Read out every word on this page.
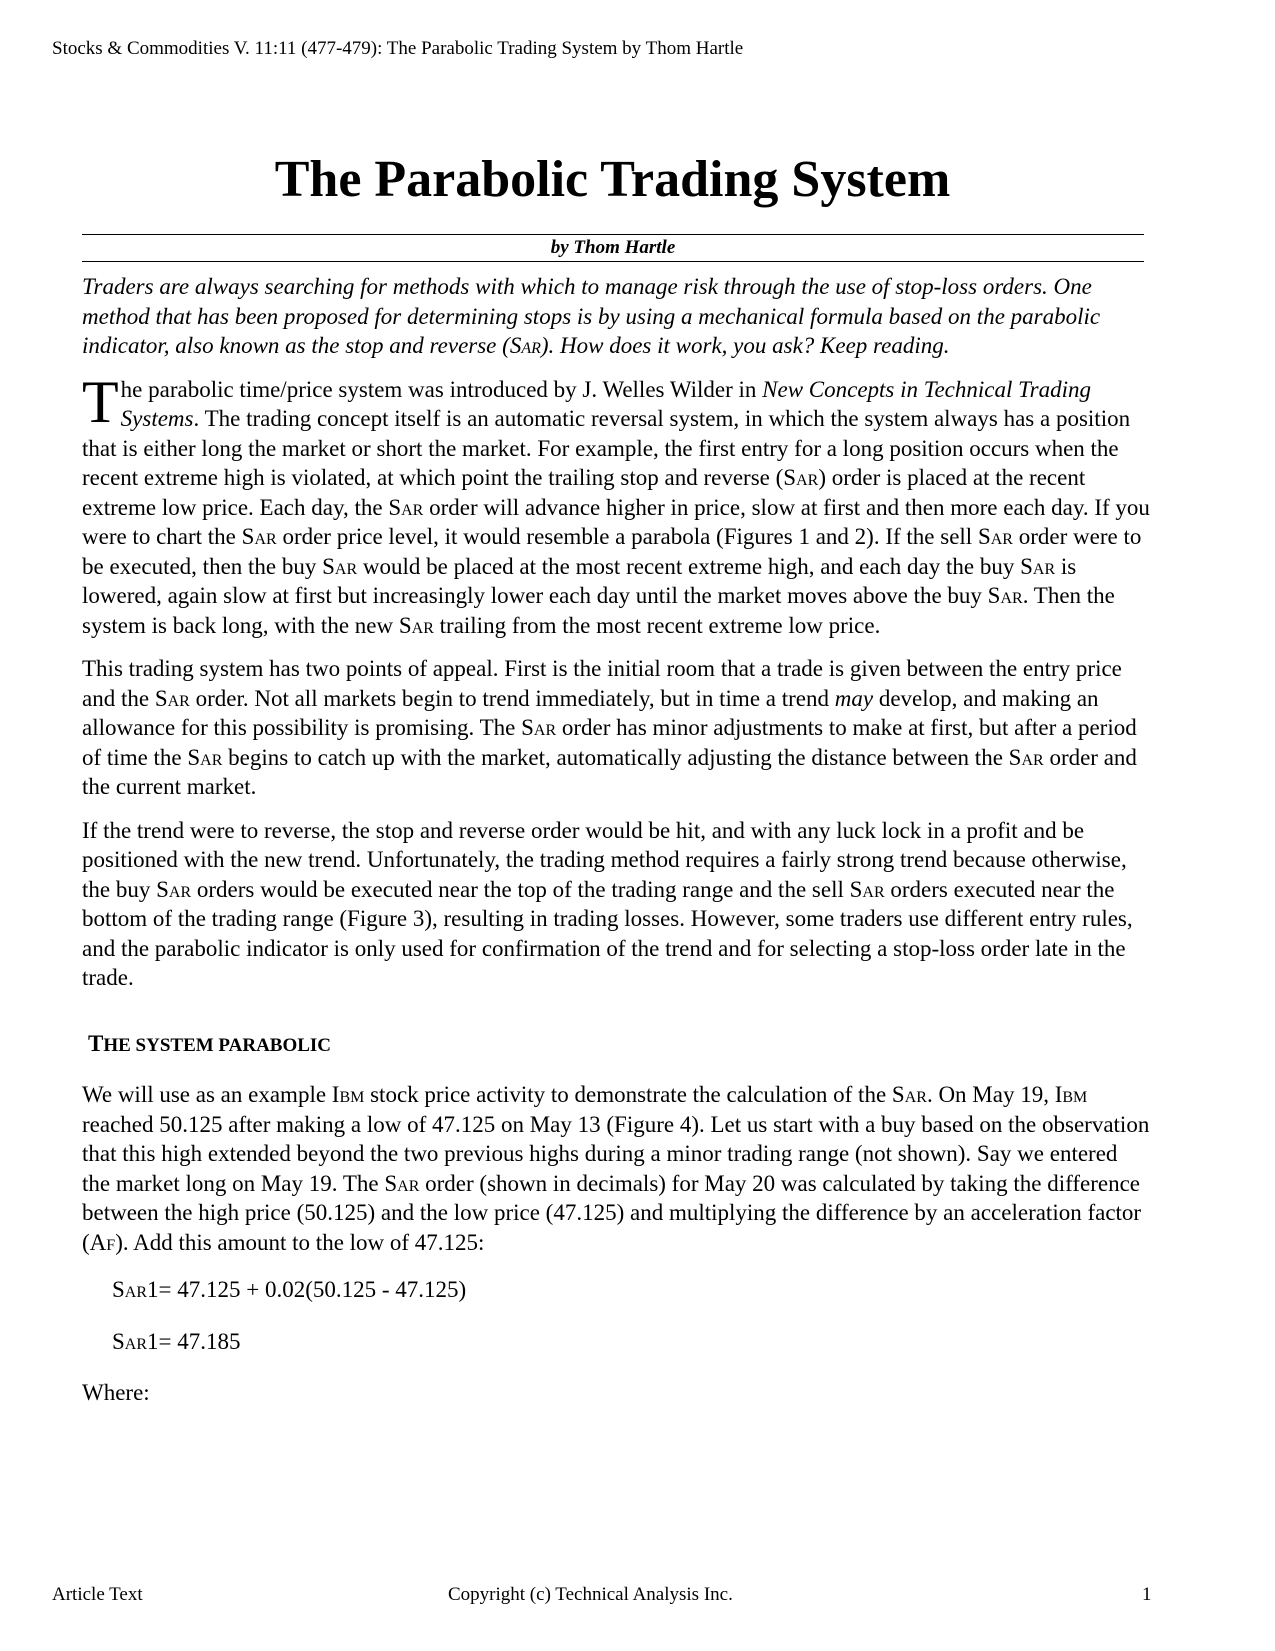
Stocks & Commodities V. 11:11 (477-479): The Parabolic Trading System by Thom Hartle
The Parabolic Trading System
by Thom Hartle

Traders are always searching for methods with which to manage risk through the use of stop-loss orders. One method that has been proposed for determining stops is by using a mechanical formula based on the parabolic indicator, also known as the stop and reverse (Sar). How does it work, you ask? Keep reading.

The parabolic time/price system was introduced by J. Welles Wilder in New Concepts in Technical Trading Systems. The trading concept itself is an automatic reversal system, in which the system always has a position that is either long the market or short the market. For example, the first entry for a long position occurs when the recent extreme high is violated, at which point the trailing stop and reverse (Sar) order is placed at the recent extreme low price. Each day, the Sar order will advance higher in price, slow at first and then more each day. If you were to chart the Sar order price level, it would resemble a parabola (Figures 1 and 2). If the sell Sar order were to be executed, then the buy Sar would be placed at the most recent extreme high, and each day the buy Sar is lowered, again slow at first but increasingly lower each day until the market moves above the buy Sar. Then the system is back long, with the new Sar trailing from the most recent extreme low price.

This trading system has two points of appeal. First is the initial room that a trade is given between the entry price and the Sar order. Not all markets begin to trend immediately, but in time a trend may develop, and making an allowance for this possibility is promising. The Sar order has minor adjustments to make at first, but after a period of time the Sar begins to catch up with the market, automatically adjusting the distance between the Sar order and the current market.

If the trend were to reverse, the stop and reverse order would be hit, and with any luck lock in a profit and be positioned with the new trend. Unfortunately, the trading method requires a fairly strong trend because otherwise, the buy Sar orders would be executed near the top of the trading range and the sell Sar orders executed near the bottom of the trading range (Figure 3), resulting in trading losses. However, some traders use different entry rules, and the parabolic indicator is only used for confirmation of the trend and for selecting a stop-loss order late in the trade.

THE SYSTEM PARABOLIC

We will use as an example Ibm stock price activity to demonstrate the calculation of the Sar. On May 19, Ibm reached 50.125 after making a low of 47.125 on May 13 (Figure 4). Let us start with a buy based on the observation that this high extended beyond the two previous highs during a minor trading range (not shown). Say we entered the market long on May 19. The Sar order (shown in decimals) for May 20 was calculated by taking the difference between the high price (50.125) and the low price (47.125) and multiplying the difference by an acceleration factor (Af). Add this amount to the low of 47.125:

Sar1= 47.125 + 0.02(50.125 - 47.125)
Sar1= 47.185
Where:
Article Text	Copyright (c) Technical Analysis Inc.	1
